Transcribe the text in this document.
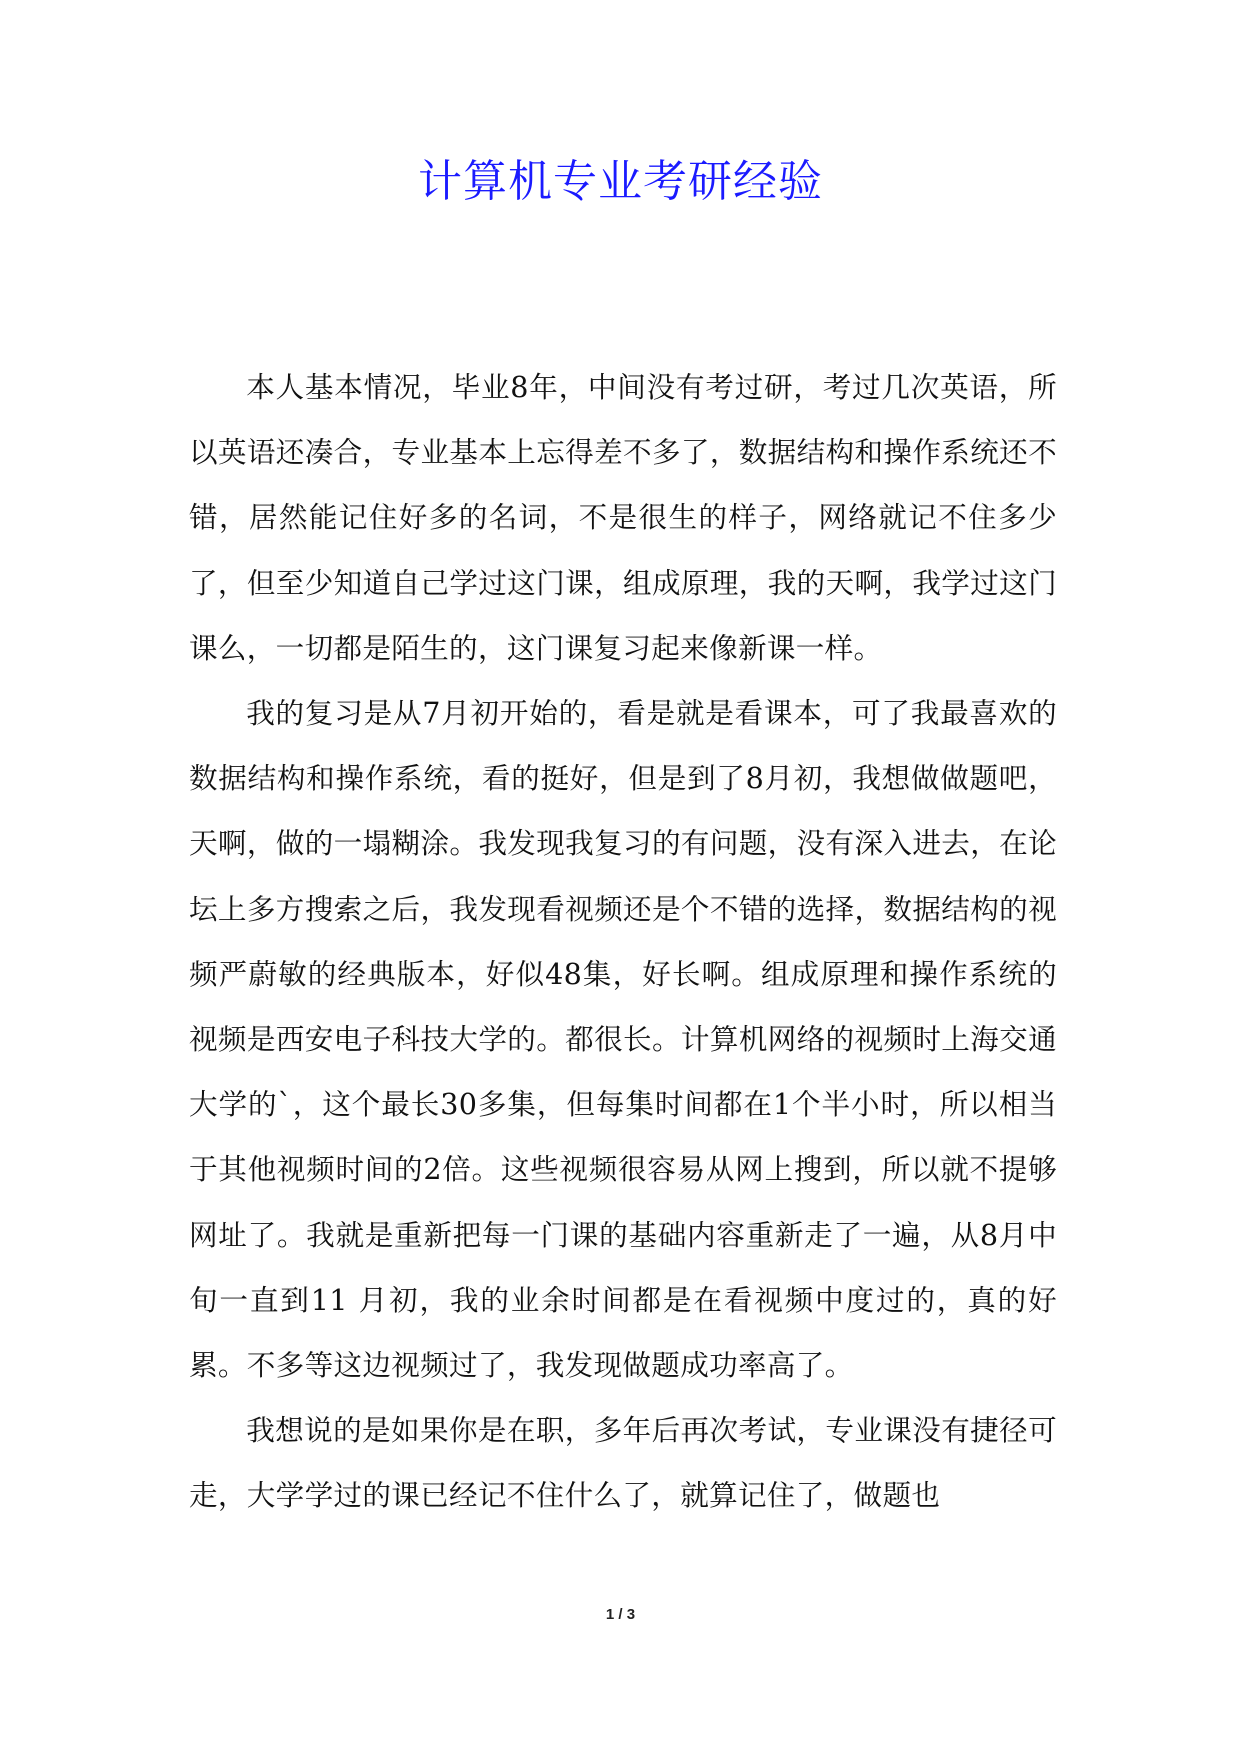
计算机专业考研经验

本人基本情况，毕业8年，中间没有考过研，考过几次英语，所以英语还凑合，专业基本上忘得差不多了，数据结构和操作系统还不错，居然能记住好多的名词，不是很生的样子，网络就记不住多少了，但至少知道自己学过这门课，组成原理，我的天啊，我学过这门课么，一切都是陌生的，这门课复习起来像新课一样。

我的复习是从7月初开始的，看是就是看课本，可了我最喜欢的数据结构和操作系统，看的挺好，但是到了8月初，我想做做题吧，天啊，做的一塌糊涂。我发现我复习的有问题，没有深入进去，在论坛上多方搜索之后，我发现看视频还是个不错的选择，数据结构的视频严蔚敏的经典版本，好似48集，好长啊。组成原理和操作系统的视频是西安电子科技大学的。都很长。计算机网络的视频时上海交通大学的`，这个最长30多集，但每集时间都在1个半小时，所以相当于其他视频时间的2倍。这些视频很容易从网上搜到，所以就不提够网址了。我就是重新把每一门课的基础内容重新走了一遍，从8月中旬一直到11 月初，我的业余时间都是在看视频中度过的，真的好累。不多等这边视频过了，我发现做题成功率高了。

我想说的是如果你是在职，多年后再次考试，专业课没有捷径可走，大学学过的课已经记不住什么了，就算记住了，做题也

1 / 3
